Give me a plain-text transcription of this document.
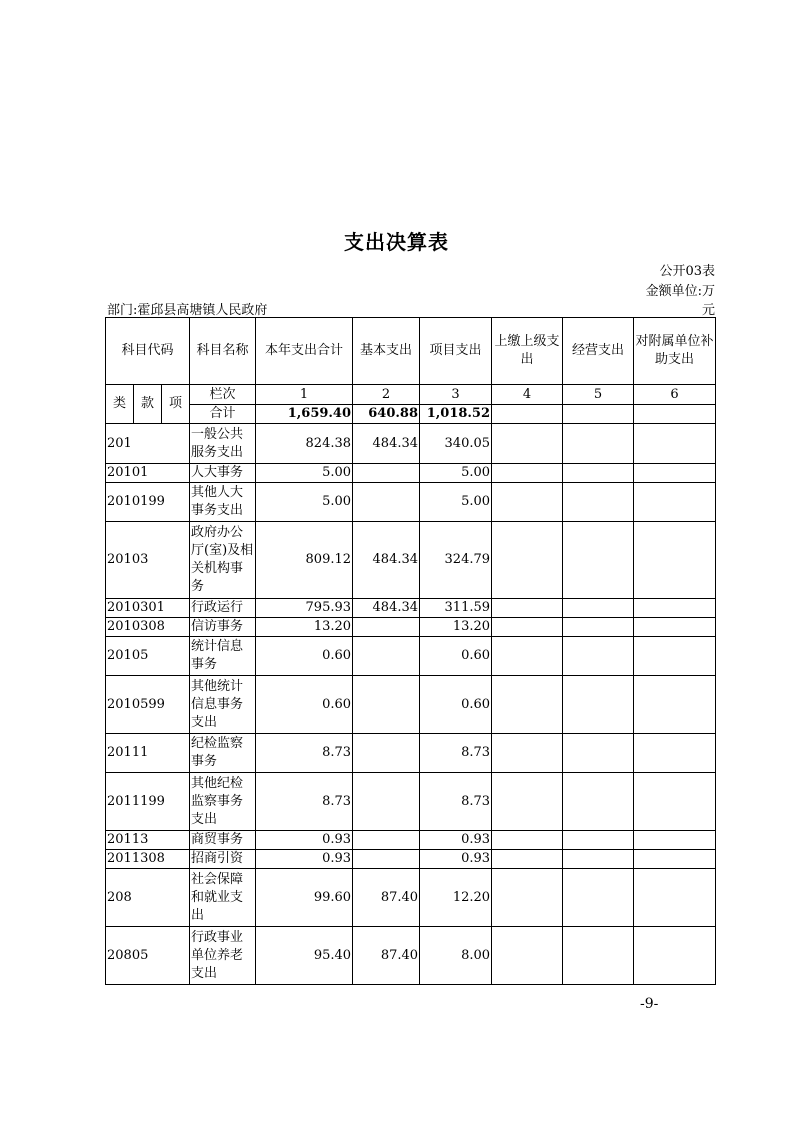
支出决算表
公开03表
金额单位:万
元
部门:霍邱县高塘镇人民政府
科目代码			科目名称	本年支出合计	基本支出	项目支出	上缴上级支出	经营支出	对附属单位补助支出
类	款	项	栏次	1	2	3	4	5	6
			合计	1,659.40	640.88	1,018.52			
201			一般公共服务支出	824.38	484.34	340.05			
20101			人大事务	5.00		5.00			
2010199			其他人大事务支出	5.00		5.00			
20103			政府办公厅(室)及相关机构事务	809.12	484.34	324.79			
2010301			行政运行	795.93	484.34	311.59			
2010308			信访事务	13.20		13.20			
20105			统计信息事务	0.60		0.60			
2010599			其他统计信息事务支出	0.60		0.60			
20111			纪检监察事务	8.73		8.73			
2011199			其他纪检监察事务支出	8.73		8.73			
20113			商贸事务	0.93		0.93			
2011308			招商引资	0.93		0.93			
208			社会保障和就业支出	99.60	87.40	12.20			
20805			行政事业单位养老支出	95.40	87.40	8.00			
-9-
